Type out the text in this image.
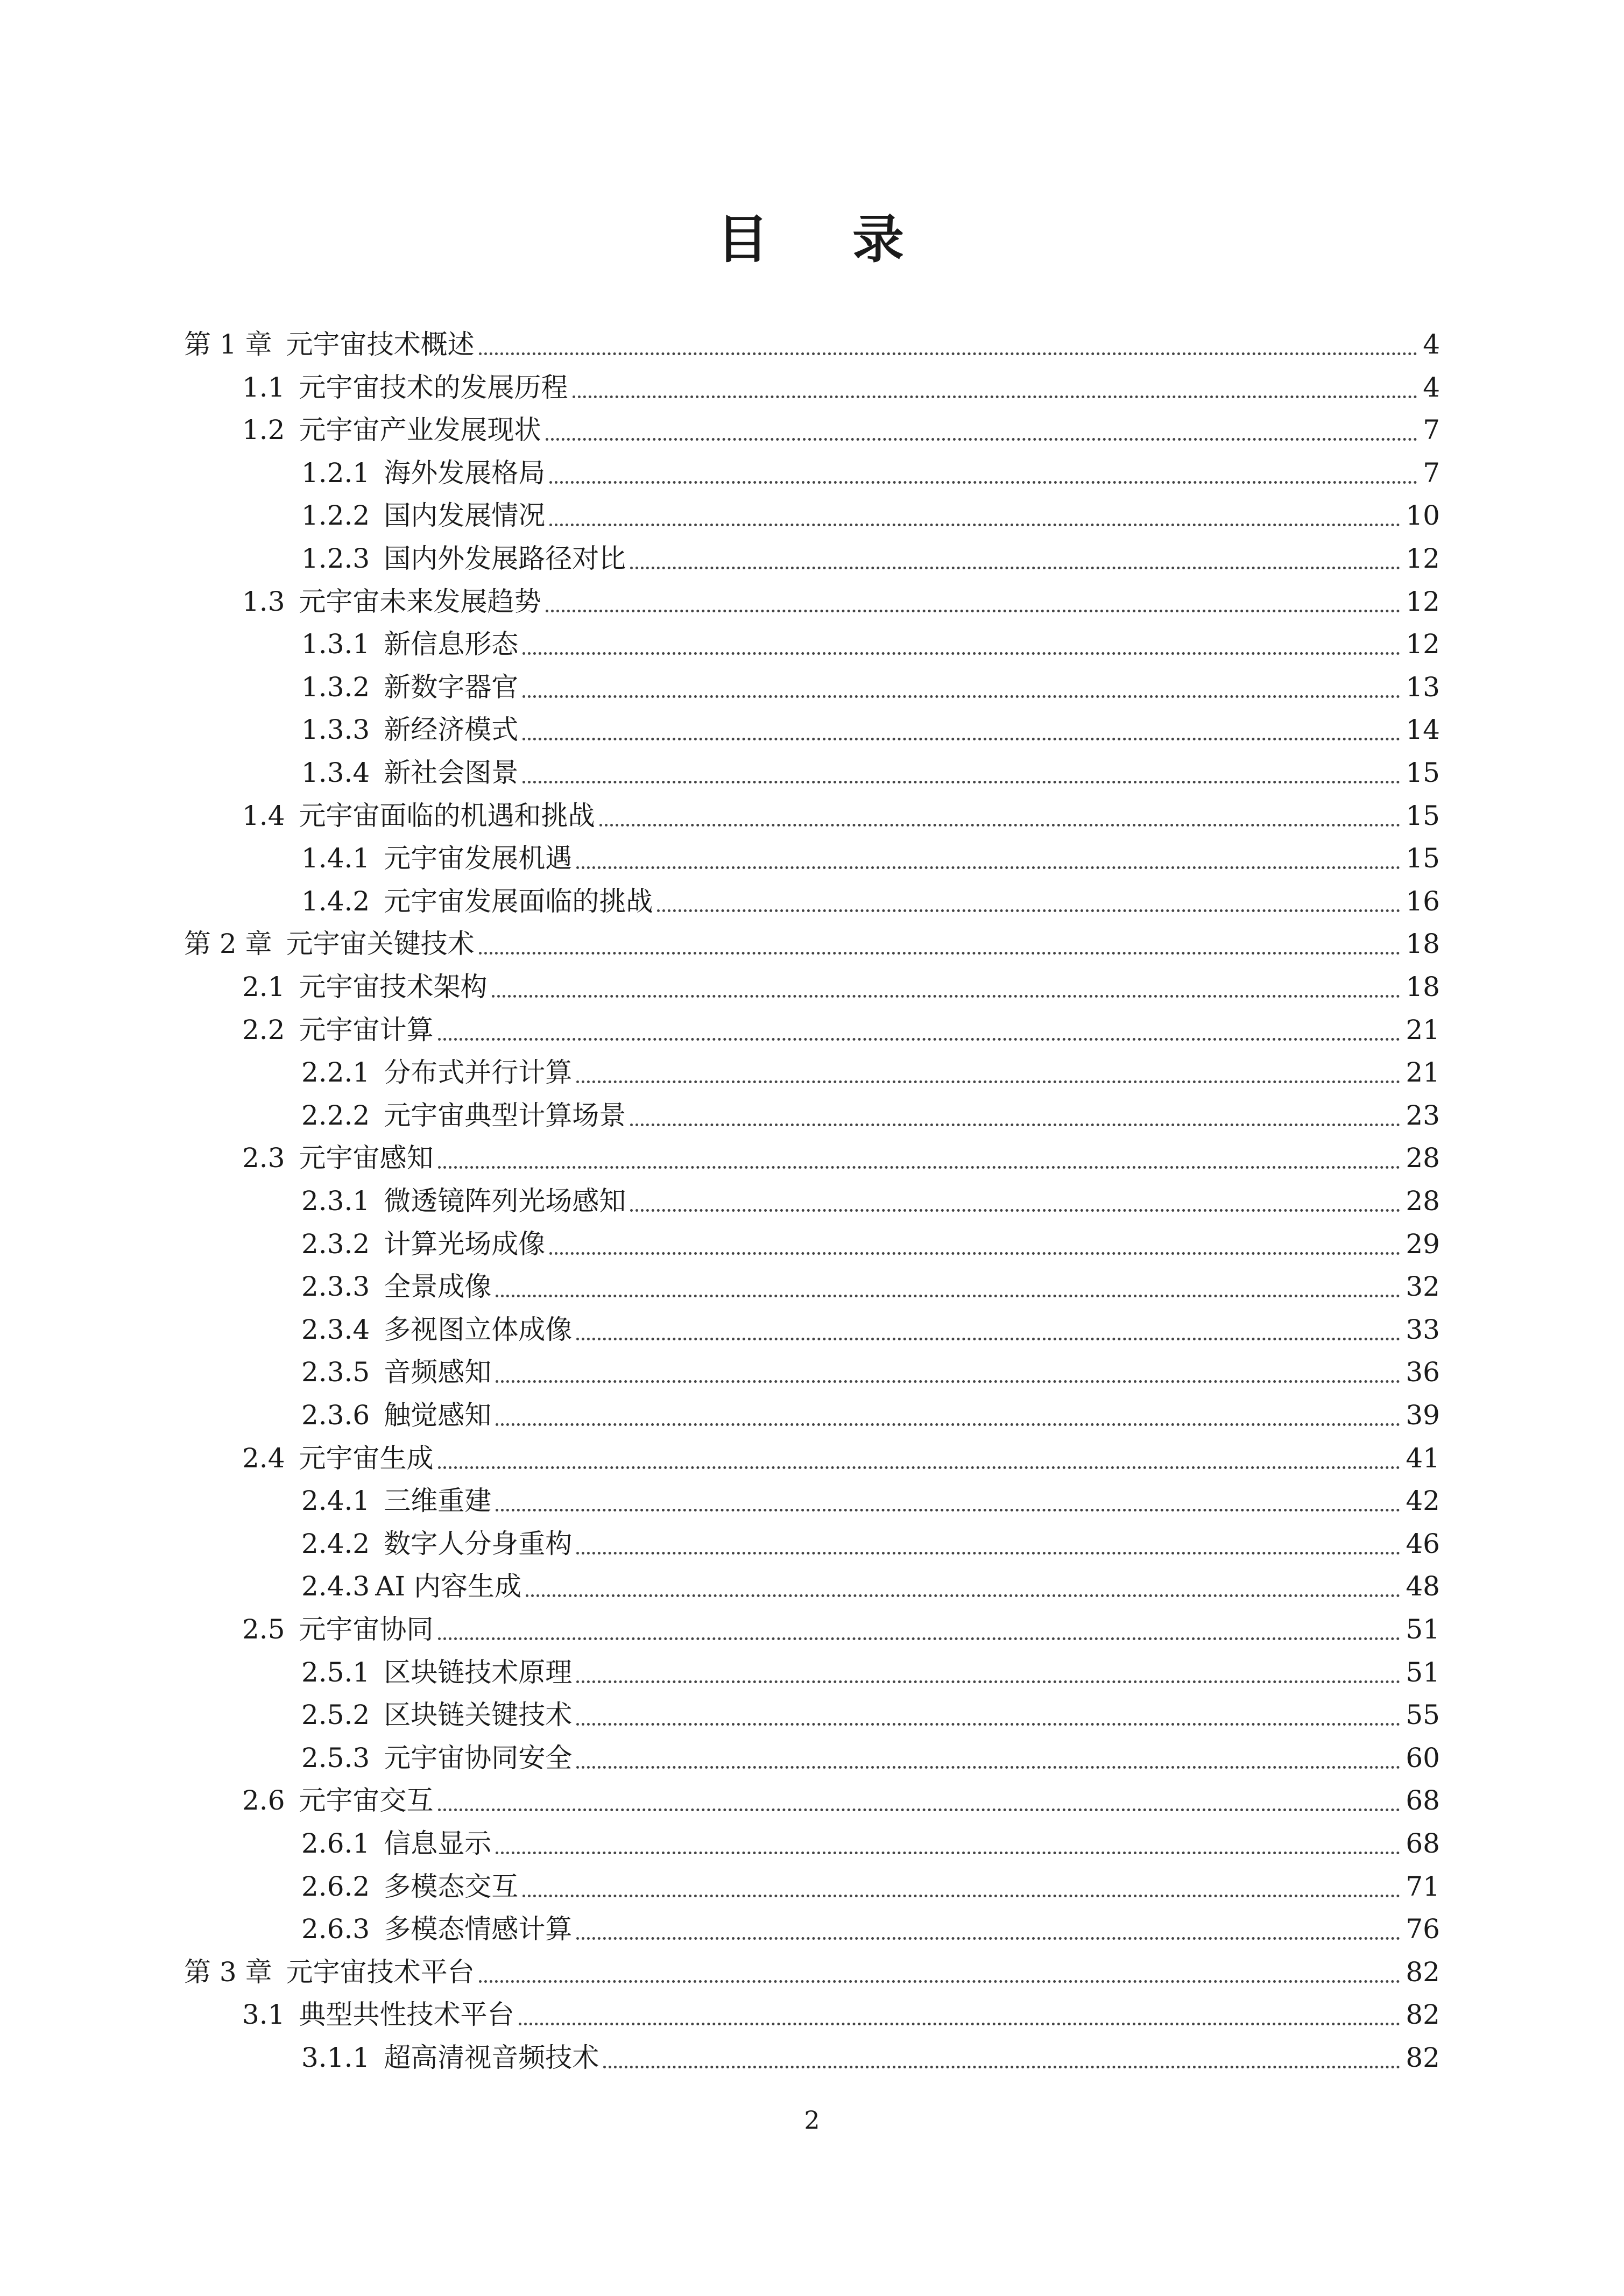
目 录
第 1 章 元宇宙技术概述	4
1.1 元宇宙技术的发展历程	4
1.2 元宇宙产业发展现状	7
1.2.1 海外发展格局	7
1.2.2 国内发展情况	10
1.2.3 国内外发展路径对比	12
1.3 元宇宙未来发展趋势	12
1.3.1 新信息形态	12
1.3.2 新数字器官	13
1.3.3 新经济模式	14
1.3.4 新社会图景	15
1.4 元宇宙面临的机遇和挑战	15
1.4.1 元宇宙发展机遇	15
1.4.2 元宇宙发展面临的挑战	16
第 2 章 元宇宙关键技术	18
2.1 元宇宙技术架构	18
2.2 元宇宙计算	21
2.2.1 分布式并行计算	21
2.2.2 元宇宙典型计算场景	23
2.3 元宇宙感知	28
2.3.1 微透镜阵列光场感知	28
2.3.2 计算光场成像	29
2.3.3 全景成像	32
2.3.4 多视图立体成像	33
2.3.5 音频感知	36
2.3.6 触觉感知	39
2.4 元宇宙生成	41
2.4.1 三维重建	42
2.4.2 数字人分身重构	46
2.4.3 AI 内容生成	48
2.5 元宇宙协同	51
2.5.1 区块链技术原理	51
2.5.2 区块链关键技术	55
2.5.3 元宇宙协同安全	60
2.6 元宇宙交互	68
2.6.1 信息显示	68
2.6.2 多模态交互	71
2.6.3 多模态情感计算	76
第 3 章 元宇宙技术平台	82
3.1 典型共性技术平台	82
3.1.1 超高清视音频技术	82
2
